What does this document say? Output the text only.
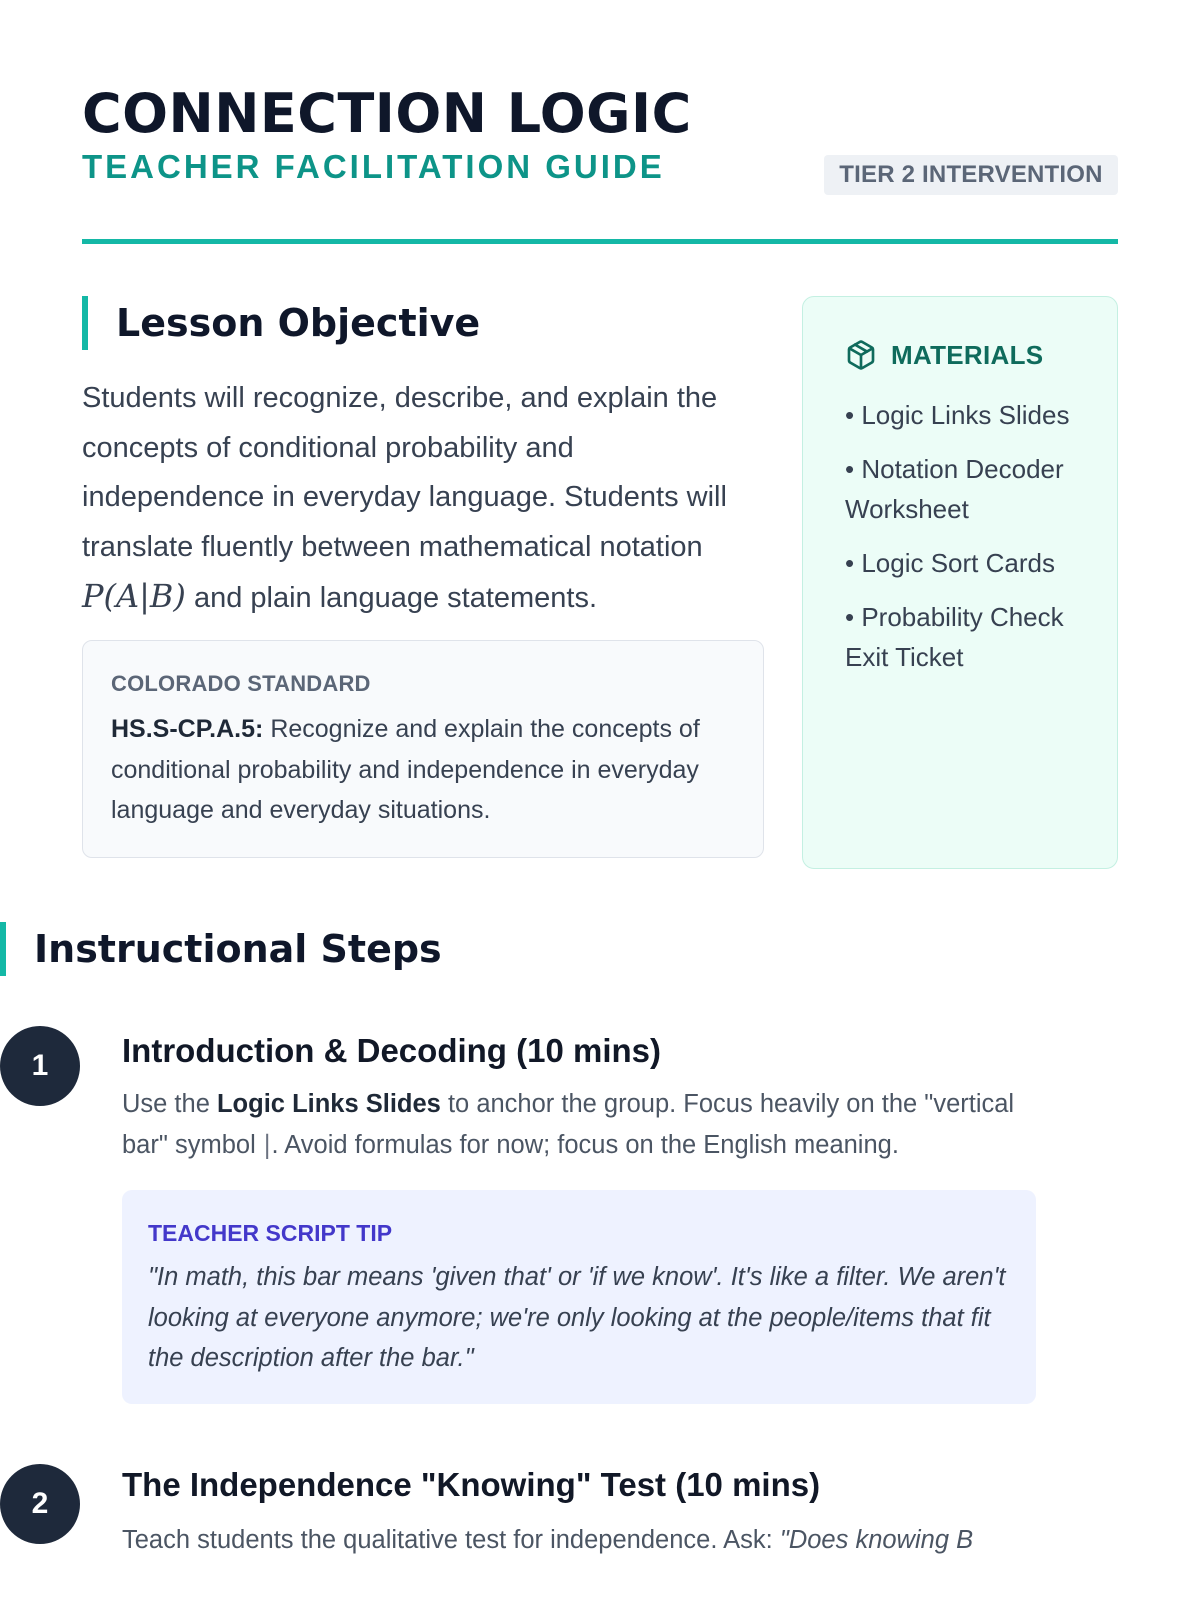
CONNECTION LOGIC
TEACHER FACILITATION GUIDE	TIER 2 INTERVENTION
Lesson Objective

Students will recognize, describe, and explain the concepts of conditional probability and independence in everyday language. Students will translate fluently between mathematical notation P(A|B) and plain language statements.

COLORADO STANDARD
HS.S-CP.A.5: Recognize and explain the concepts of conditional probability and independence in everyday language and everyday situations.
MATERIALS
• Logic Links Slides
• Notation Decoder Worksheet
• Logic Sort Cards
• Probability Check Exit Ticket
Instructional Steps
1	Introduction & Decoding (10 mins)

Use the Logic Links Slides to anchor the group. Focus heavily on the "vertical bar" symbol |. Avoid formulas for now; focus on the English meaning.

TEACHER SCRIPT TIP
"In math, this bar means 'given that' or 'if we know'. It's like a filter. We aren't looking at everyone anymore; we're only looking at the people/items that fit the description after the bar."
2
The Independence "Knowing" Test (10 mins)

Teach students the qualitative test for independence. Ask: "Does knowing B
